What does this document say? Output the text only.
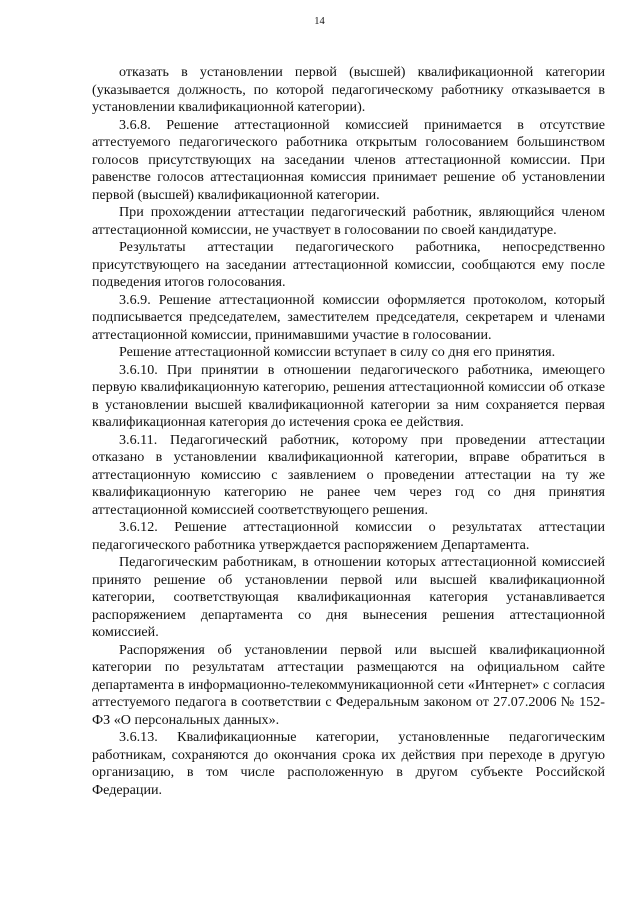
14

отказать в установлении первой (высшей) квалификационной категории (указывается должность, по которой педагогическому работнику отказывается в установлении квалификационной категории).

3.6.8. Решение аттестационной комиссией принимается в отсутствие аттестуемого педагогического работника открытым голосованием большинством голосов присутствующих на заседании членов аттестационной комиссии. При равенстве голосов аттестационная комиссия принимает решение об установлении первой (высшей) квалификационной категории.

При прохождении аттестации педагогический работник, являющийся членом аттестационной комиссии, не участвует в голосовании по своей кандидатуре.

Результаты аттестации педагогического работника, непосредственно присутствующего на заседании аттестационной комиссии, сообщаются ему после подведения итогов голосования.

3.6.9. Решение аттестационной комиссии оформляется протоколом, который подписывается председателем, заместителем председателя, секретарем и членами аттестационной комиссии, принимавшими участие в голосовании.

Решение аттестационной комиссии вступает в силу со дня его принятия.

3.6.10. При принятии в отношении педагогического работника, имеющего первую квалификационную категорию, решения аттестационной комиссии об отказе в установлении высшей квалификационной категории за ним сохраняется первая квалификационная категория до истечения срока ее действия.

3.6.11. Педагогический работник, которому при проведении аттестации отказано в установлении квалификационной категории, вправе обратиться в аттестационную комиссию с заявлением о проведении аттестации на ту же квалификационную категорию не ранее чем через год со дня принятия аттестационной комиссией соответствующего решения.

3.6.12. Решение аттестационной комиссии о результатах аттестации педагогического работника утверждается распоряжением Департамента.

Педагогическим работникам, в отношении которых аттестационной комиссией принято решение об установлении первой или высшей квалификационной категории, соответствующая квалификационная категория устанавливается распоряжением департамента со дня вынесения решения аттестационной комиссией.

Распоряжения об установлении первой или высшей квалификационной категории по результатам аттестации размещаются на официальном сайте департамента в информационно-телекоммуникационной сети «Интернет» с согласия аттестуемого педагога в соответствии с Федеральным законом от 27.07.2006 № 152-ФЗ «О персональных данных».

3.6.13. Квалификационные категории, установленные педагогическим работникам, сохраняются до окончания срока их действия при переходе в другую организацию, в том числе расположенную в другом субъекте Российской Федерации.
